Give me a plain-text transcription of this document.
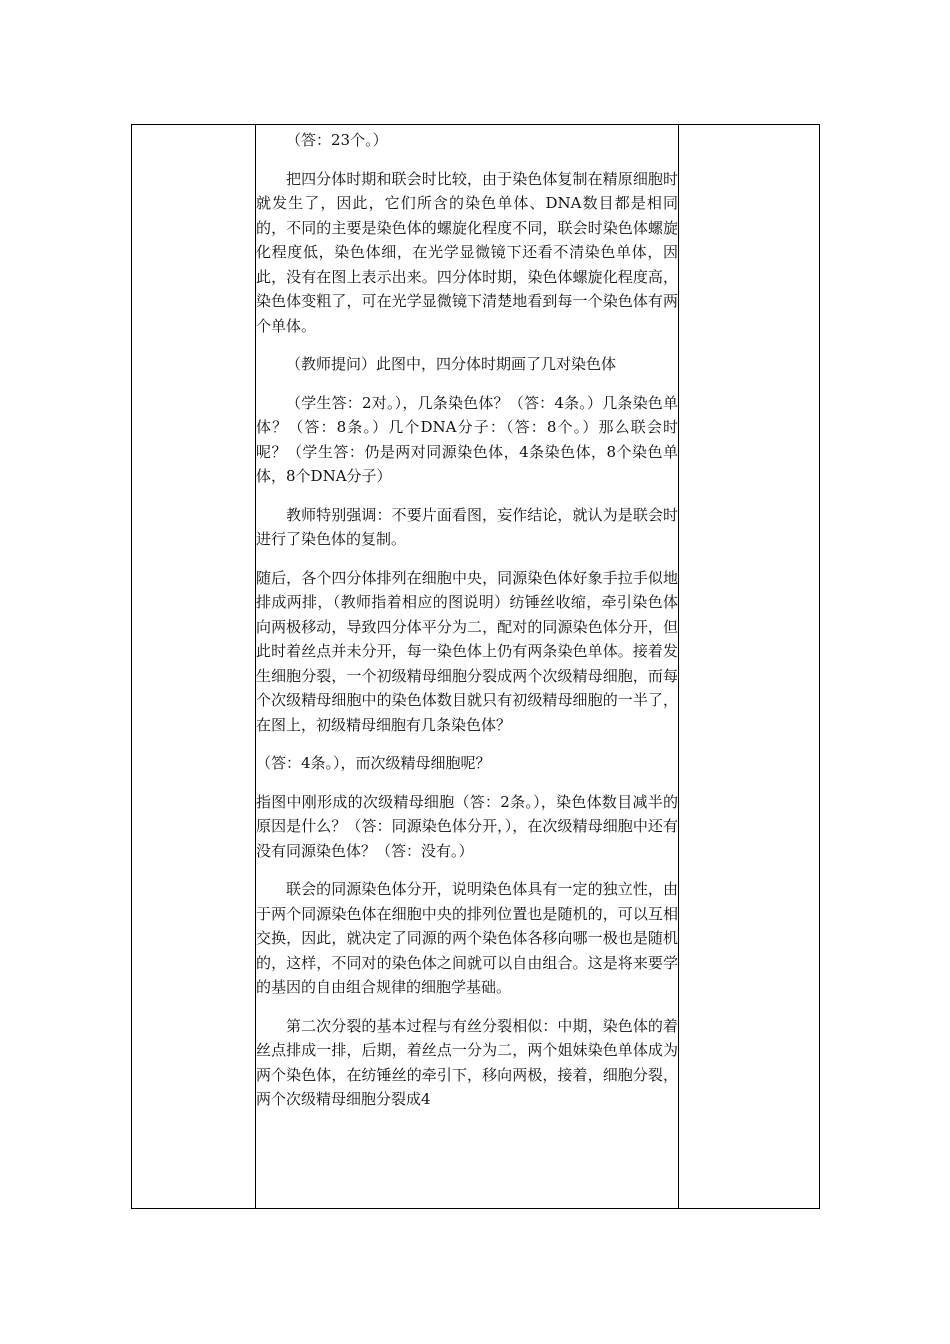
（答：23个。）

把四分体时期和联会时比较，由于染色体复制在精原细胞时就发生了，因此，它们所含的染色单体、DNA数目都是相同的，不同的主要是染色体的螺旋化程度不同，联会时染色体螺旋化程度低，染色体细，在光学显微镜下还看不清染色单体，因此，没有在图上表示出来。四分体时期，染色体螺旋化程度高，染色体变粗了，可在光学显微镜下清楚地看到每一个染色体有两个单体。

（教师提问）此图中，四分体时期画了几对染色体

（学生答：2对。），几条染色体？（答：4条。）几条染色单体？（答：8条。）几个DNA分子：（答：8个。）那么联会时呢？（学生答：仍是两对同源染色体，4条染色体，8个染色单体，8个DNA分子）

教师特别强调：不要片面看图，妄作结论，就认为是联会时进行了染色体的复制。

随后，各个四分体排列在细胞中央，同源染色体好象手拉手似地排成两排，（教师指着相应的图说明）纺锤丝收缩，牵引染色体向两极移动，导致四分体平分为二，配对的同源染色体分开，但此时着丝点并未分开，每一染色体上仍有两条染色单体。接着发生细胞分裂，一个初级精母细胞分裂成两个次级精母细胞，而每个次级精母细胞中的染色体数目就只有初级精母细胞的一半了，在图上，初级精母细胞有几条染色体？

（答：4条。），而次级精母细胞呢？

指图中刚形成的次级精母细胞（答：2条。），染色体数目减半的原因是什么？（答：同源染色体分开，），在次级精母细胞中还有没有同源染色体？（答：没有。）

联会的同源染色体分开，说明染色体具有一定的独立性，由于两个同源染色体在细胞中央的排列位置也是随机的，可以互相交换，因此，就决定了同源的两个染色体各移向哪一极也是随机的，这样，不同对的染色体之间就可以自由组合。这是将来要学的基因的自由组合规律的细胞学基础。

第二次分裂的基本过程与有丝分裂相似：中期，染色体的着丝点排成一排，后期，着丝点一分为二，两个姐妹染色单体成为两个染色体，在纺锤丝的牵引下，移向两极，接着，细胞分裂，两个次级精母细胞分裂成4
